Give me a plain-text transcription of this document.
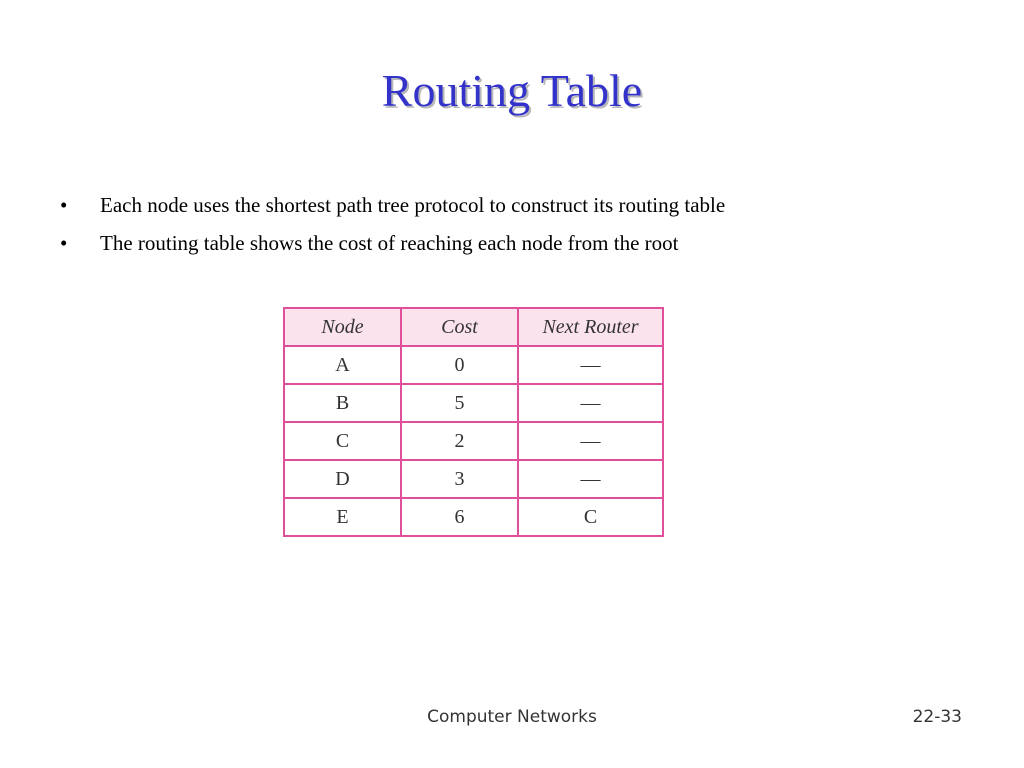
Routing Table
• Each node uses the shortest path tree protocol to construct its routing table
• The routing table shows the cost of reaching each node from the root
Node	Cost	Next Router
A	0	—
B	5	—
C	2	—
D	3	—
E	6	C
Computer Networks	22-33
